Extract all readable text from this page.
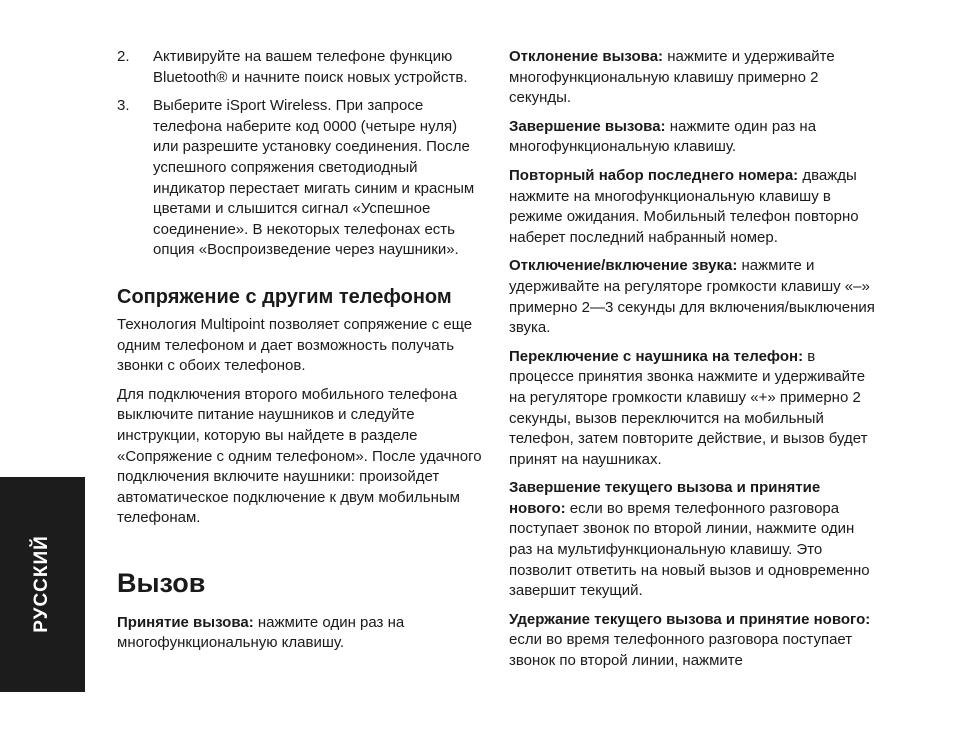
РУССКИЙ
2.	Активируйте на вашем телефоне функцию Bluetooth® и начните поиск новых устройств.
3.	Выберите iSport Wireless. При запросе телефона наберите код 0000 (четыре нуля) или разрешите установку соединения. После успешного сопряжения светодиодный индикатор перестает мигать синим и красным цветами и слышится сигнал «Успешное соединение». В некоторых телефонах есть опция «Воспроизведение через наушники».
Сопряжение с другим телефоном

Технология Multipoint позволяет сопряжение с еще одним телефоном и дает возможность получать звонки с обоих телефонов.

Для подключения второго мобильного телефона выключите питание наушников и следуйте инструкции, которую вы найдете в разделе «Сопряжение с одним телефоном». После удачного подключения включите наушники: произойдет автоматическое подключение к двум мобильным телефонам.

Вызов

Принятие вызова: нажмите один раз на многофункциональную клавишу.

Отклонение вызова: нажмите и удерживайте многофункциональную клавишу примерно 2 секунды.

Завершение вызова: нажмите один раз на многофункциональную клавишу.

Повторный набор последнего номера: дважды нажмите на многофункциональную клавишу в режиме ожидания. Мобильный телефон повторно наберет последний набранный номер.

Отключение/включение звука: нажмите и удерживайте на регуляторе громкости клавишу «–» примерно 2—3 секунды для включения/выключения звука.

Переключение с наушника на телефон: в процессе принятия звонка нажмите и удерживайте на регуляторе громкости клавишу «+» примерно 2 секунды, вызов переключится на мобильный телефон, затем повторите действие, и вызов будет принят на наушниках.

Завершение текущего вызова и принятие нового: если во время телефонного разговора поступает звонок по второй линии, нажмите один раз на мультифункциональную клавишу. Это позволит ответить на новый вызов и одновременно завершит текущий.

Удержание текущего вызова и принятие нового: если во время телефонного разговора поступает звонок по второй линии, нажмите
